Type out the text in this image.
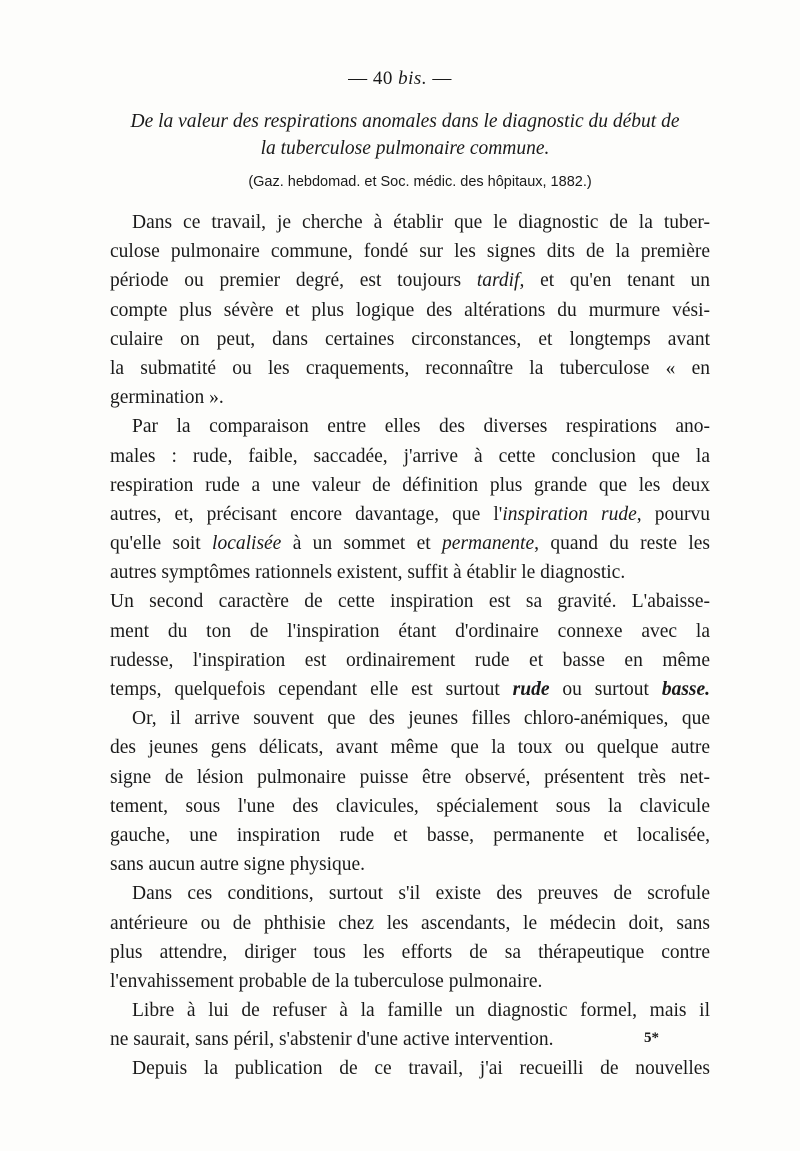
— 40 bis. —
De la valeur des respirations anomales dans le diagnostic du début de
la tuberculose pulmonaire commune.
(Gaz. hebdomad. et Soc. médic. des hôpitaux, 1882.)
Dans ce travail, je cherche à établir que le diagnostic de la tuber-
culose pulmonaire commune, fondé sur les signes dits de la première
période ou premier degré, est toujours tardif, et qu'en tenant un
compte plus sévère et plus logique des altérations du murmure vési-
culaire on peut, dans certaines circonstances, et longtemps avant
la submatité ou les craquements, reconnaître la tuberculose « en
germination ».
Par la comparaison entre elles des diverses respirations ano-
males : rude, faible, saccadée, j'arrive à cette conclusion que la
respiration rude a une valeur de définition plus grande que les deux
autres, et, précisant encore davantage, que l'inspiration rude, pourvu
qu'elle soit localisée à un sommet et permanente, quand du reste les
autres symptômes rationnels existent, suffit à établir le diagnostic.
Un second caractère de cette inspiration est sa gravité. L'abaisse-
ment du ton de l'inspiration étant d'ordinaire connexe avec la
rudesse, l'inspiration est ordinairement rude et basse en même
temps, quelquefois cependant elle est surtout rude ou surtout basse.
Or, il arrive souvent que des jeunes filles chloro-anémiques, que
des jeunes gens délicats, avant même que la toux ou quelque autre
signe de lésion pulmonaire puisse être observé, présentent très net-
tement, sous l'une des clavicules, spécialement sous la clavicule
gauche, une inspiration rude et basse, permanente et localisée,
sans aucun autre signe physique.
Dans ces conditions, surtout s'il existe des preuves de scrofule
antérieure ou de phthisie chez les ascendants, le médecin doit, sans
plus attendre, diriger tous les efforts de sa thérapeutique contre
l'envahissement probable de la tuberculose pulmonaire.
Libre à lui de refuser à la famille un diagnostic formel, mais il
ne saurait, sans péril, s'abstenir d'une active intervention.
Depuis la publication de ce travail, j'ai recueilli de nouvelles
5*
